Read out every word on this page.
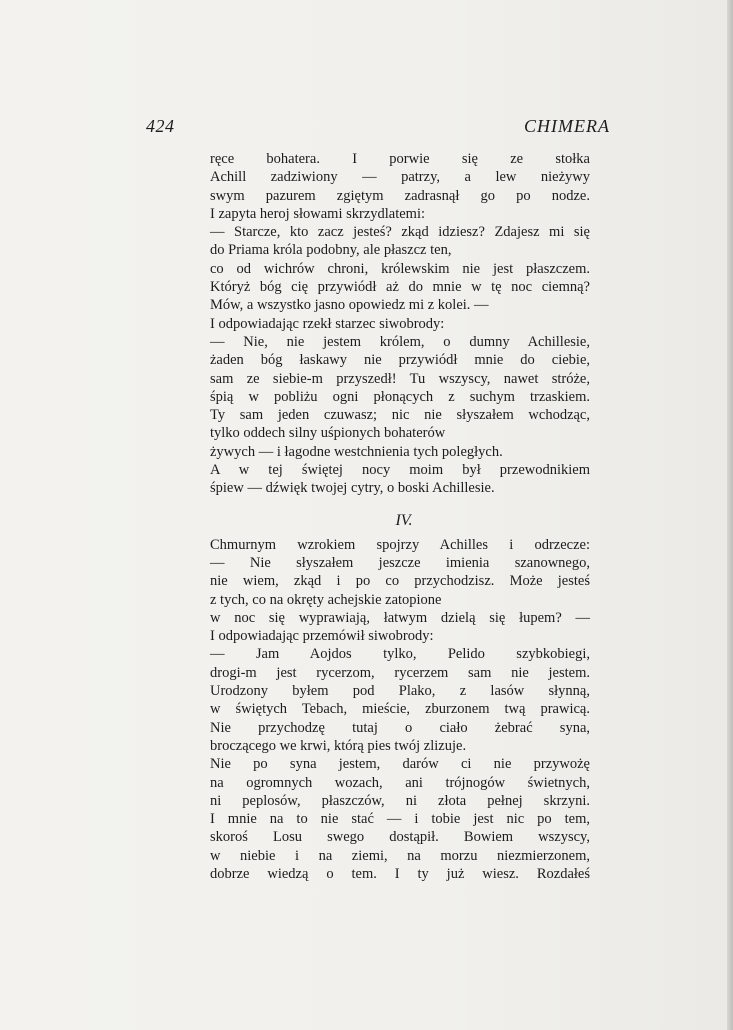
424	CHIMERA
ręce bohatera. I porwie się ze stołka
Achill zadziwiony — patrzy, a lew nieżywy
swym pazurem zgiętym zadrasnął go po nodze.
I zapyta heroj słowami skrzydlatemi:
— Starcze, kto zacz jesteś? zkąd idziesz? Zdajesz mi się
do Priama króla podobny, ale płaszcz ten,
co od wichrów chroni, królewskim nie jest płaszczem.
Któryż bóg cię przywiódł aż do mnie w tę noc ciemną?
Mów, a wszystko jasno opowiedz mi z kolei. —
I odpowiadając rzekł starzec siwobrody:
— Nie, nie jestem królem, o dumny Achillesie,
żaden bóg łaskawy nie przywiódł mnie do ciebie,
sam ze siebie-m przyszedł! Tu wszyscy, nawet stróże,
śpią w pobliżu ogni płonących z suchym trzaskiem.
Ty sam jeden czuwasz; nic nie słyszałem wchodząc,
tylko oddech silny uśpionych bohaterów
żywych — i łagodne westchnienia tych poległych.
A w tej świętej nocy moim był przewodnikiem
śpiew — dźwięk twojej cytry, o boski Achillesie.
IV.
Chmurnym wzrokiem spojrzy Achilles i odrzecze:
— Nie słyszałem jeszcze imienia szanownego,
nie wiem, zkąd i po co przychodzisz. Może jesteś
z tych, co na okręty achejskie zatopione
w noc się wyprawiają, łatwym dzielą się łupem? —
I odpowiadając przemówił siwobrody:
— Jam Aojdos tylko, Pelido szybkobiegi,
drogi-m jest rycerzom, rycerzem sam nie jestem.
Urodzony byłem pod Plako, z lasów słynną,
w świętych Tebach, mieście, zburzonem twą prawicą.
Nie przychodzę tutaj o ciało żebrać syna,
broczącego we krwi, którą pies twój zlizuje.
Nie po syna jestem, darów ci nie przywożę
na ogromnych wozach, ani trójnogów świetnych,
ni peplosów, płaszczów, ni złota pełnej skrzyni.
I mnie na to nie stać — i tobie jest nic po tem,
skoroś Losu swego dostąpił. Bowiem wszyscy,
w niebie i na ziemi, na morzu niezmierzonem,
dobrze wiedzą o tem. I ty już wiesz. Rozdałeś
